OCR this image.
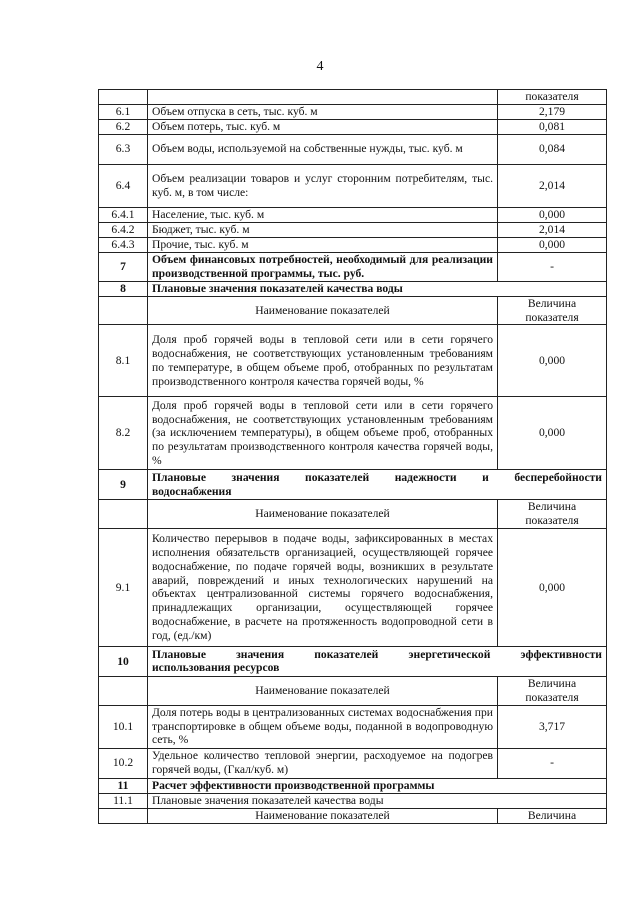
4
		показателя
6.1	Объем отпуска в сеть, тыс. куб. м	2,179
6.2	Объем потерь, тыс. куб. м	0,081
6.3	Объем воды, используемой на собственные нужды, тыс. куб. м	0,084
6.4	Объем реализации товаров и услуг сторонним потребителям, тыс. куб. м, в том числе:	2,014
6.4.1	Население, тыс. куб. м	0,000
6.4.2	Бюджет, тыс. куб. м	2,014
6.4.3	Прочие, тыс. куб. м	0,000
7	Объем финансовых потребностей, необходимый для реализации производственной программы, тыс. руб.	-
8	Плановые значения показателей качества воды	
	Наименование показателей	Величина показателя
8.1	Доля проб горячей воды в тепловой сети или в сети горячего водоснабжения, не соответствующих установленным требованиям по температуре, в общем объеме проб, отобранных по результатам производственного контроля качества горячей воды, %	0,000
8.2	Доля проб горячей воды в тепловой сети или в сети горячего водоснабжения, не соответствующих установленным требованиям (за исключением температуры), в общем объеме проб, отобранных по результатам производственного контроля качества горячей воды, %	0,000
9	Плановые значения показателей надежности и бесперебойности
водоснабжения	

	Наименование показателей	Величина показателя
9.1	Количество перерывов в подаче воды, зафиксированных в местах исполнения обязательств организацией, осуществляющей горячее водоснабжение, по подаче горячей воды, возникших в результате аварий, повреждений и иных технологических нарушений на объектах централизованной системы горячего водоснабжения, принадлежащих организации, осуществляющей горячее водоснабжение, в расчете на протяженность водопроводной сети в год, (ед./км)	0,000
10	Плановые значения показателей энергетической эффективности
использования ресурсов	

	Наименование показателей	Величина показателя
10.1	Доля потерь воды в централизованных системах водоснабжения при транспортировке в общем объеме воды, поданной в водопроводную сеть, %	3,717
10.2	Удельное количество тепловой энергии, расходуемое на подогрев горячей воды, (Гкал/куб. м)	-
11	Расчет эффективности производственной программы	
11.1	Плановые значения показателей качества воды	
	Наименование показателей	Величина
